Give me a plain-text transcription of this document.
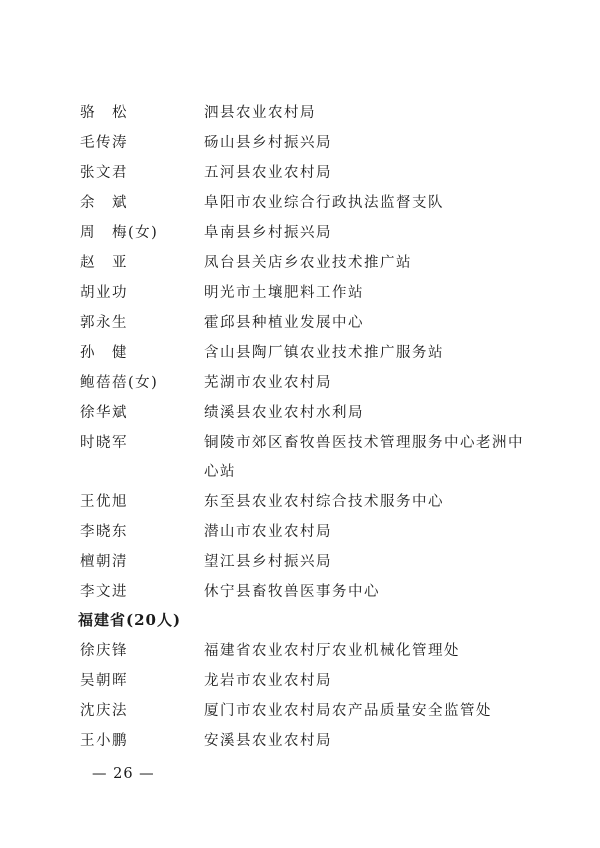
骆　松	泗县农业农村局
毛传涛	砀山县乡村振兴局
张文君	五河县农业农村局
余　斌	阜阳市农业综合行政执法监督支队
周　梅(女)	阜南县乡村振兴局
赵　亚	凤台县关店乡农业技术推广站
胡业功	明光市土壤肥料工作站
郭永生	霍邱县种植业发展中心
孙　健	含山县陶厂镇农业技术推广服务站
鲍蓓蓓(女)	芜湖市农业农村局
徐华斌	绩溪县农业农村水利局
时晓军	铜陵市郊区畜牧兽医技术管理服务中心老洲中
心站
王优旭	东至县农业农村综合技术服务中心
李晓东	潜山市农业农村局
檀朝清	望江县乡村振兴局
李文进	休宁县畜牧兽医事务中心
福建省(20人)
徐庆锋	福建省农业农村厅农业机械化管理处
吴朝晖	龙岩市农业农村局
沈庆法	厦门市农业农村局农产品质量安全监管处
王小鹏	安溪县农业农村局
— 26 —
